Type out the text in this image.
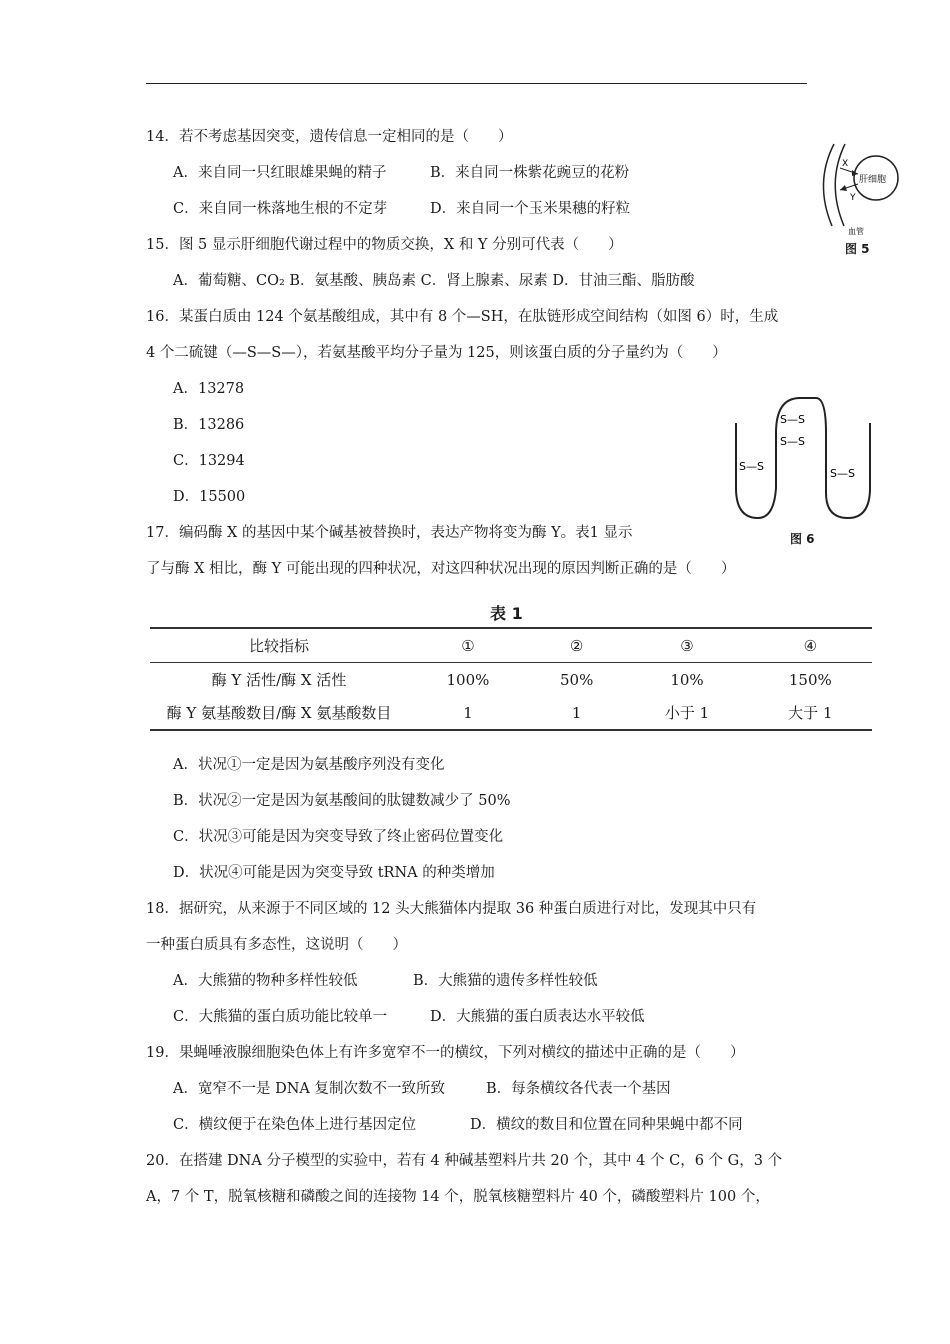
14．若不考虑基因突变，遗传信息一定相同的是（　　）
A．来自同一只红眼雄果蝇的精子	B．来自同一株紫花豌豆的花粉
C．来自同一株落地生根的不定芽	D．来自同一个玉米果穗的籽粒
X
Y
肝细胞
血管
图 5
15．图 5 显示肝细胞代谢过程中的物质交换，X 和 Y 分别可代表（　　）
A．葡萄糖、CO₂ B．氨基酸、胰岛素 C．肾上腺素、尿素 D．甘油三酯、脂肪酸
16．某蛋白质由 124 个氨基酸组成，其中有 8 个—SH，在肽链形成空间结构（如图 6）时，生成
4 个二硫键（—S—S—），若氨基酸平均分子量为 125，则该蛋白质的分子量约为（　　）
A．13278
B．13286
C．13294
D．15500
S—S
S—S
S—S
S—S
图 6
17．编码酶 X 的基因中某个碱基被替换时，表达产物将变为酶 Y。表1 显示
了与酶 X 相比，酶 Y 可能出现的四种状况，对这四种状况出现的原因判断正确的是（　　）
表 1
比较指标	①	②	③	④
酶 Y 活性/酶 X 活性	100%	50%	10%	150%
酶 Y 氨基酸数目/酶 X 氨基酸数目	1	1	小于 1	大于 1
A．状况①一定是因为氨基酸序列没有变化
B．状况②一定是因为氨基酸间的肽键数减少了 50%
C．状况③可能是因为突变导致了终止密码位置变化
D．状况④可能是因为突变导致 tRNA 的种类增加
18．据研究，从来源于不同区域的 12 头大熊猫体内提取 36 种蛋白质进行对比，发现其中只有
一种蛋白质具有多态性，这说明（　　）
A．大熊猫的物种多样性较低	B．大熊猫的遗传多样性较低
C．大熊猫的蛋白质功能比较单一	D．大熊猫的蛋白质表达水平较低
19．果蝇唾液腺细胞染色体上有许多宽窄不一的横纹，下列对横纹的描述中正确的是（　　）
A．宽窄不一是 DNA 复制次数不一致所致	B．每条横纹各代表一个基因
C．横纹便于在染色体上进行基因定位	D．横纹的数目和位置在同种果蝇中都不同
20．在搭建 DNA 分子模型的实验中，若有 4 种碱基塑料片共 20 个，其中 4 个 C，6 个 G，3 个
A，7 个 T，脱氧核糖和磷酸之间的连接物 14 个，脱氧核糖塑料片 40 个，磷酸塑料片 100 个，
